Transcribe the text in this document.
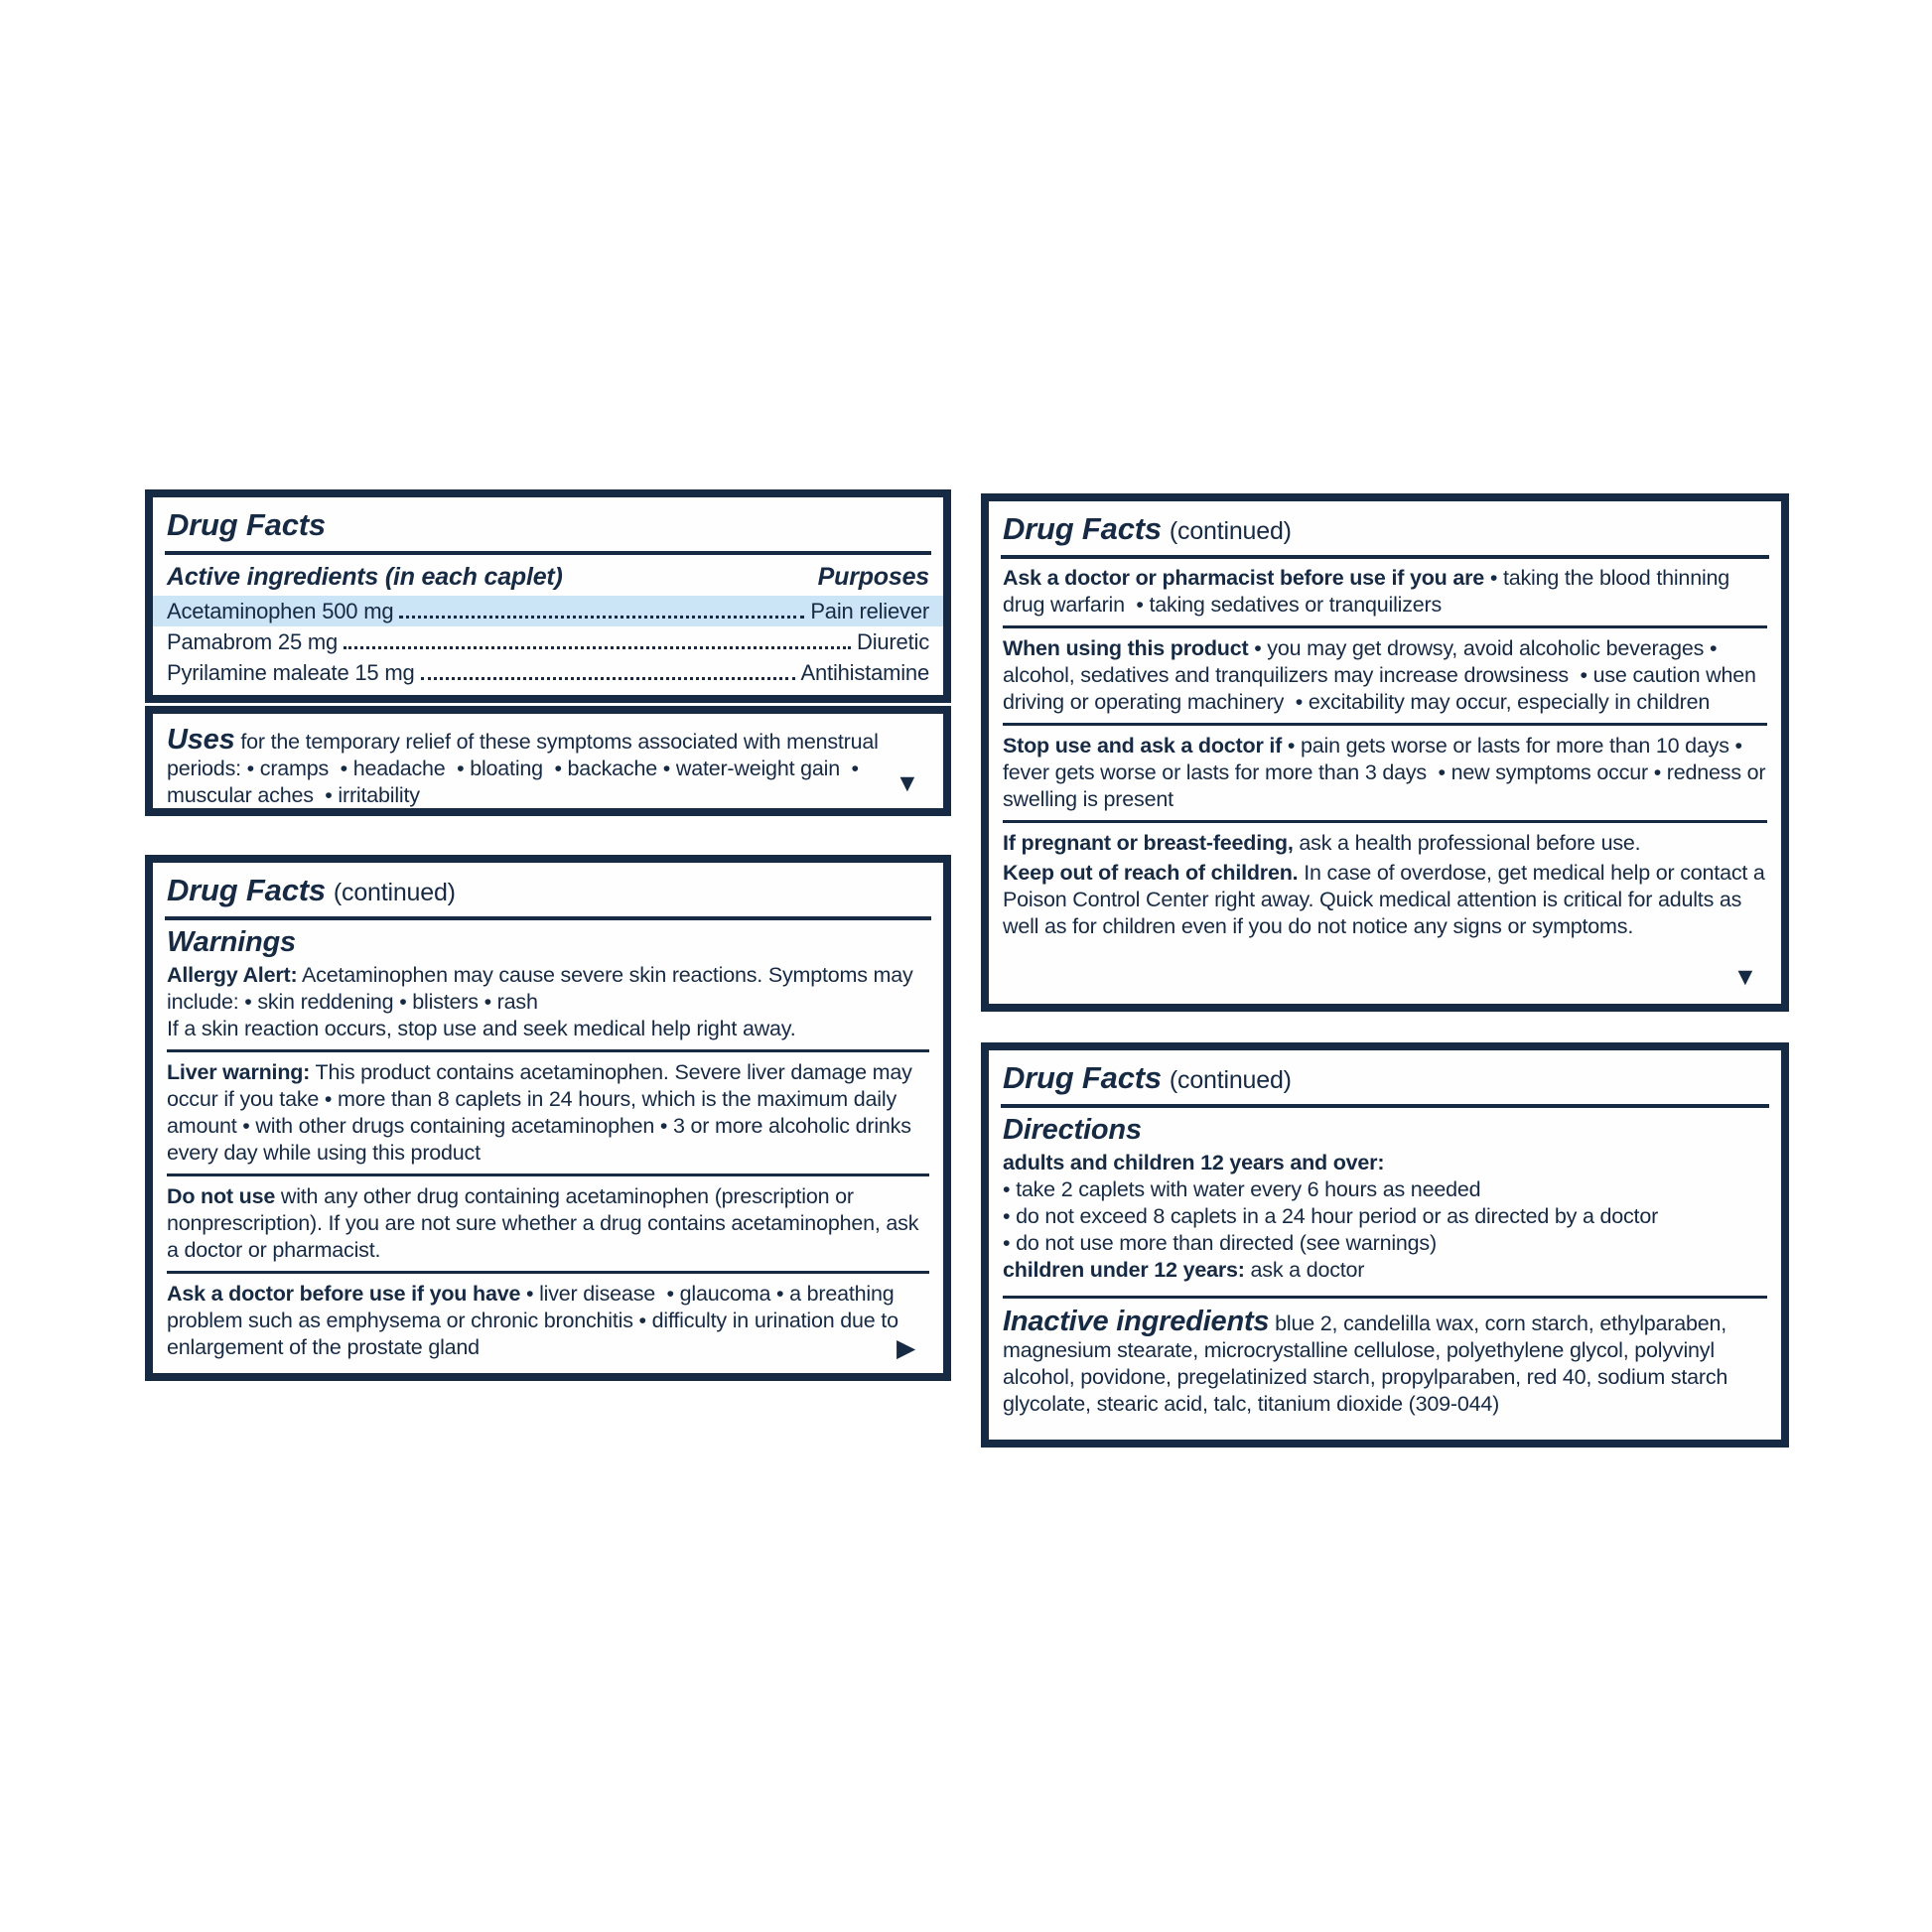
Drug Facts
Active ingredients (in each caplet)	Purposes
Acetaminophen 500 mg	Pain reliever
Pamabrom 25 mg	Diuretic
Pyrilamine maleate 15 mg	Antihistamine

Uses for the temporary relief of these symptoms associated with menstrual periods: • cramps  • headache  • bloating  • backache • water-weight gain  • muscular aches  • irritability	▼
Drug Facts (continued)
Warnings

Allergy Alert: Acetaminophen may cause severe skin reactions. Symptoms may include: • skin reddening • blisters • rash
If a skin reaction occurs, stop use and seek medical help right away.

Liver warning: This product contains acetaminophen. Severe liver damage may occur if you take • more than 8 caplets in 24 hours, which is the maximum daily amount • with other drugs containing acetaminophen • 3 or more alcoholic drinks every day while using this product

Do not use with any other drug containing acetaminophen (prescription or nonprescription). If you are not sure whether a drug contains acetaminophen, ask a doctor or pharmacist.

Ask a doctor before use if you have • liver disease  • glaucoma • a breathing problem such as emphysema or chronic bronchitis • difficulty in urination due to enlargement of the prostate gland	▶
Drug Facts (continued)

Ask a doctor or pharmacist before use if you are • taking the blood thinning drug warfarin  • taking sedatives or tranquilizers

When using this product • you may get drowsy, avoid alcoholic beverages • alcohol, sedatives and tranquilizers may increase drowsiness  • use caution when driving or operating machinery  • excitability may occur, especially in children

Stop use and ask a doctor if • pain gets worse or lasts for more than 10 days • fever gets worse or lasts for more than 3 days  • new symptoms occur • redness or swelling is present

If pregnant or breast-feeding, ask a health professional before use.

Keep out of reach of children. In case of overdose, get medical help or contact a Poison Control Center right away. Quick medical attention is critical for adults as well as for children even if you do not notice any signs or symptoms.

▼
Drug Facts (continued)
Directions

adults and children 12 years and over:

• take 2 caplets with water every 6 hours as needed
• do not exceed 8 caplets in a 24 hour period or as directed by a doctor
• do not use more than directed (see warnings)

children under 12 years: ask a doctor

Inactive ingredients blue 2, candelilla wax, corn starch, ethylparaben, magnesium stearate, microcrystalline cellulose, polyethylene glycol, polyvinyl alcohol, povidone, pregelatinized starch, propylparaben, red 40, sodium starch glycolate, stearic acid, talc, titanium dioxide (309-044)
